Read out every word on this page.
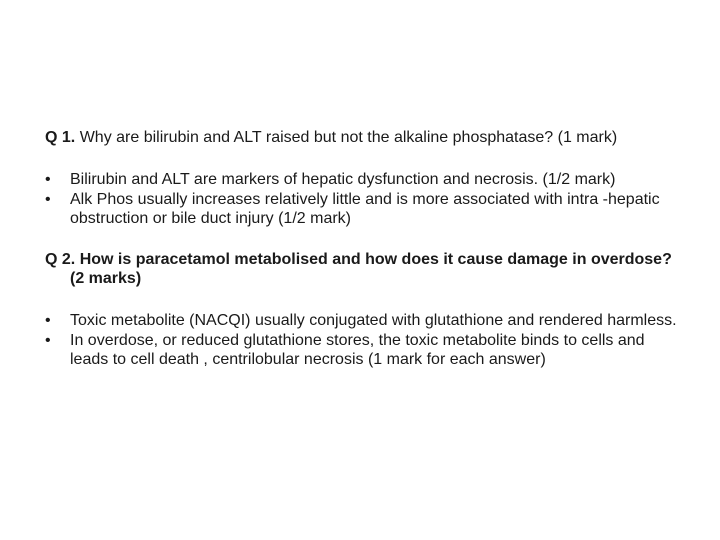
Q 1. Why are bilirubin and ALT raised but not the alkaline phosphatase? (1 mark)

• Bilirubin and ALT are markers of hepatic dysfunction and necrosis. (1/2 mark)
• Alk Phos usually increases relatively little and is more associated with intra -hepatic obstruction or bile duct injury (1/2 mark)

Q 2. How is paracetamol metabolised and how does it cause damage in overdose? (2 marks)

• Toxic metabolite (NACQI) usually conjugated with glutathione and rendered harmless.
• In overdose, or reduced glutathione stores, the toxic metabolite binds to cells and leads to cell death , centrilobular necrosis (1 mark for each answer)
